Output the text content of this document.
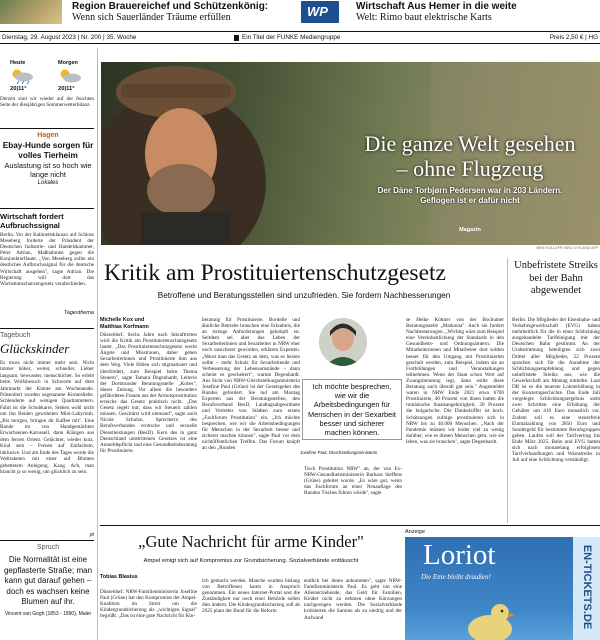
Region Brauereichef und Schützenkönig:
Wenn sich Sauerländer Träume erfüllen	WP	Wirtschaft Aus Hemer in die weite
Welt: Rimo baut elektrische Karts
Dienstag, 29. August 2023 | Nr. 200 | 35. Woche	Ein Titel der FUNKE Mediengruppe	Preis 2,50 € | HG
Heute
20|11°
Morgen
20|11°
Derzeit sind wir wieder auf der feuchten Seite der diesjährigen Sommerwetterbilanz.
Hagen
Ebay-Hunde sorgen für volles Tierheim
Auslastung ist so hoch wie lange nicht
Lokales
Wirtschaft fordert Aufbruchssignal
Berlin. Vor der Kabinettsklausur auf Schloss Meseberg forderte der Präsident der Deutschen Industrie- und Handelskammer, Peter Adrian, Maßnahmen gegen die Konjunkturflaute. „Von Meseberg sollte ein deutliches Aufbruchssignal für die deutsche Wirtschaft ausgehen", sagte Adrian. Die Regierung will dort das Wachstumschancengesetz verabschieden.
Tagesthema
Tagebuch
Glückskinder
Es muss nicht immer mehr sein. Nicht immer höher, weiter, schneller. Lieber langsam, bewusster, menschlicher. So erlebt beim Wolfsbesuch in Schwerte auf dem Jahrmarkt der Kinnte am Wochenende. Präsentiert wurden sogenannte Kirmesliebe. Schlenderte auf wenigen Quadratmetern. Fahrt ist die Schubkarre, Stehen wohl nicht um ihn Beiden gewohnten Mini-Labyrinth. „Bis morgen, bringen dir Kaffee mit". Eine Runde im von Handgemächten Erwachsenen-Karussell, dann Klängen aus dem fernen Orient. Gelächter, wieder kurz. Kind sein – Freuen auf Einfachem, inklusive. Und am Ende des Tages wurde die Weltraketen mit einer auf Blumen gebettetem Anlegung. Kaug. Ach, man braucht ja so wenig, um glücklich zu sein.
pi
Spruch
Die Normalität ist eine gepflasterte Straße; man kann gut darauf gehen – doch es wachsen keine Blumen auf ihr.
Vincent van Gogh (1853 - 1890), Maler
Die ganze Welt gesehen
– ohne Flugzeug
Der Däne Torbjørn Pedersen war in 203 Ländern.
Geflogen ist er dafür nicht
Magazin
MIKE KOLLOFF/ NIKO LEYLAND/ AFP
Kritik am Prostituiertenschutzgesetz
Betroffene und Beratungsstellen sind unzufrieden. Sie fordern Nachbesserungen
Michelle Kox und Matthias Korfmann
Düsseldorf. Sechs Jahre nach Inkrafttreten wird die Kritik am Prostituiertenschutzgesetz lauter. „Das Prostituiertenschutzgesetz weckt Ängste und Misstrauen, daher gehen Sexarbeiterinnen und Prostituierte ihm aus dem Weg. Viele fühlen sich stigmatisiert und überfordert, zum Beispiel beim Thema Steuern", sagte Tamara Degenhardt, Leiterin der Dortmunder Beratungsstelle „Kober", dieser Zeitung. Vor allem die besonders gefährdeten Frauen aus der Armutsprostitution erreiche das Gesetz praktisch nicht. „Das Gesetz regelt nur, dass wir Steuern zahlen müssen. Geschützt wird niemand", sagte auch Nicole Schulze, Sprecherin des Berufsverbandes erotische und sexuelle Dienstleistungen (BesD). Kern des in ganz Deutschland umstrittenen Gesetzes ist eine Anmeldepflicht und eine Gesundheitsberatung für Prostituierte.
beratung für Prostituierte. Bordelle und ähnliche Betriebe brauchen eine Erlaubnis, die an strenge Anforderungen geknüpft ist. Seitdem sei aber das Leben der Sexarbeiterinnen und Sexarbeiter in NRW eher noch unsicherer geworden, erklären Experten. „Meist man das Gesetz an dem, was es leisten sollte – mehr Schutz für Sexarbeitende und Verbesserung der Lebensumstände – dann scheint es gescheitert", warnte Degenhardt. Aus Sicht von NRW-Gleichstellungsministerin Josefine Paul (Grüne) ist der Gesetzgeber des Bundes gefordert. Sie lud am Montag Experten aus der Beratungsstellen, den Berufsverband BesD, Landtagsabgeordnete und Vertreter von Städten zum ersten „Fachforum Prostitution" ein. „Ich möchte besprechen, wie wir die Arbeitsbedingungen für Menschen in der Sexarbeit besser und sicherer machen können", sagte Paul vor dem nichtöffentlichen Treffen. Das Forum knüpft an den „Runden
Ich möchte besprechen, wie wir die Arbeitsbedingungen für Menschen in der Sexarbeit besser und sicherer machen können.
Josefine Paul, Gleichstellungsministerin
Tisch Prostitution NRW" an, der von Ex-NRW-Gesundheitsministerin Barbara Steffens (Grüne) geleitet wurde. „Es wäre gut, wenn das Fachforum an einer Neuauflage des Runden Tisches führen würde", sagte
se Heike Köttner von der Bochumer Beratungsstelle „Madonna". Auch sie fordert Nachbesserungen. „Wichtig wäre zum Beispiel eine Vereinheitlichung der Standards in den Gesundheits- und Ordnungsämtern. Die Mitarbeiterinnen und Mitarbeiter dort sollten besser für den Umgang mit Prostituierten geschult werden, zum Beispiel, indem sie an Fortbildungen und Veranstaltungen teilnehmen. Wenn der Staat schon Wert auf Zwangsberatung legt, dann sollte diese Beratung auch überall gut sein." Angemeldet waren in NRW Ende 2021 etwa 6700 Prostituierte, 40 Prozent von ihnen hatten die rumänische Staatsangehörigkeit, 20 Prozent die bulgarische. Die Dunkelziffer ist hoch. Schätzungen zufolge prostituieren sich in NRW bis zu 40.000 Menschen. „Nach der Pandemie müssen wir leider viel zu wenig darüber, wie es diesen Menschen geht, wie sie leben, was sie brauchen", sagte Degenhardt.
Unbefristete Streiks bei der Bahn abgewendet
Berlin. Die Mitglieder der Eisenbahn- und Verkehrsgewerkschaft (EVG) haben mehrheitlich für die in einer Schlichtung ausgehandelte Tarifeinigung mit der Deutschen Bahn gestimmt. An der Urabstimmung beteiligten sich zwei Drittel aller Mitglieder, 52 Prozent sprachen sich für die Annahme der Schlichtungsempfehlung und gegen unbefristete Streiks aus, wie die Gewerkschaft am Montag mitteilte. Laut DB ist es die teuerste Lohnerhöhung in der Konzerngeschichte. Das Ende Juli vorgelegte Schlichtungsergebnis sieht zwei Schritten eine Erhöhung der Gehälter um 410 Euro monatlich vor. Zudem soll es eine steuerfreie Einmalzahlung von 2850 Euro und Sondergeld für bestimmte Berufsgruppen geben. Laufen soll der Tarifvertrag bis Ende März 2025. Bahn und EVG hatten sich nach monatelang erfolglosen Tarifverhandlungen und Warnstreiks in Juli auf eine Schlichtung verständigt.
„Gute Nachricht für arme Kinder"
Ampel einigt sich auf Kompromiss zur Grundsicherung. Sozialverbände enttäuscht
Tobias Blasius
Düsseldorf. NRW-Familienministerin Josefine Paul (Grüne) hat den Kompromiss der Ampel-Koalition im Streit um die Kindergrundsicherung als „wichtigen Signal" begrüßt. „Das ist eine gute Nachricht für Kin-
Ich gemacht werden. Manche wurden bislang von Betroffenen kaum in Anspruch genommen. Ein neues Internet-Portal und die Zuständigkeit nur noch einer Behörde sollen dies ändern. Die Kindergrundsicherung soll ab 2025 plant der Bund für die Reform
endlich bei ihnen ankommen", sagte NRW-Familienministerin Paul. Es geht um eine Alleinerziehende, das Geld für Familien, Kinder nicht zu nehmen ohne Kürzungen nachgezogen werden. Die Sozialverbände kritisierten die Summe als zu niedrig und der Aufwand
Anzeige
Loriot
Die Ente bleibt draußen!	EN-TICKETS.DE
